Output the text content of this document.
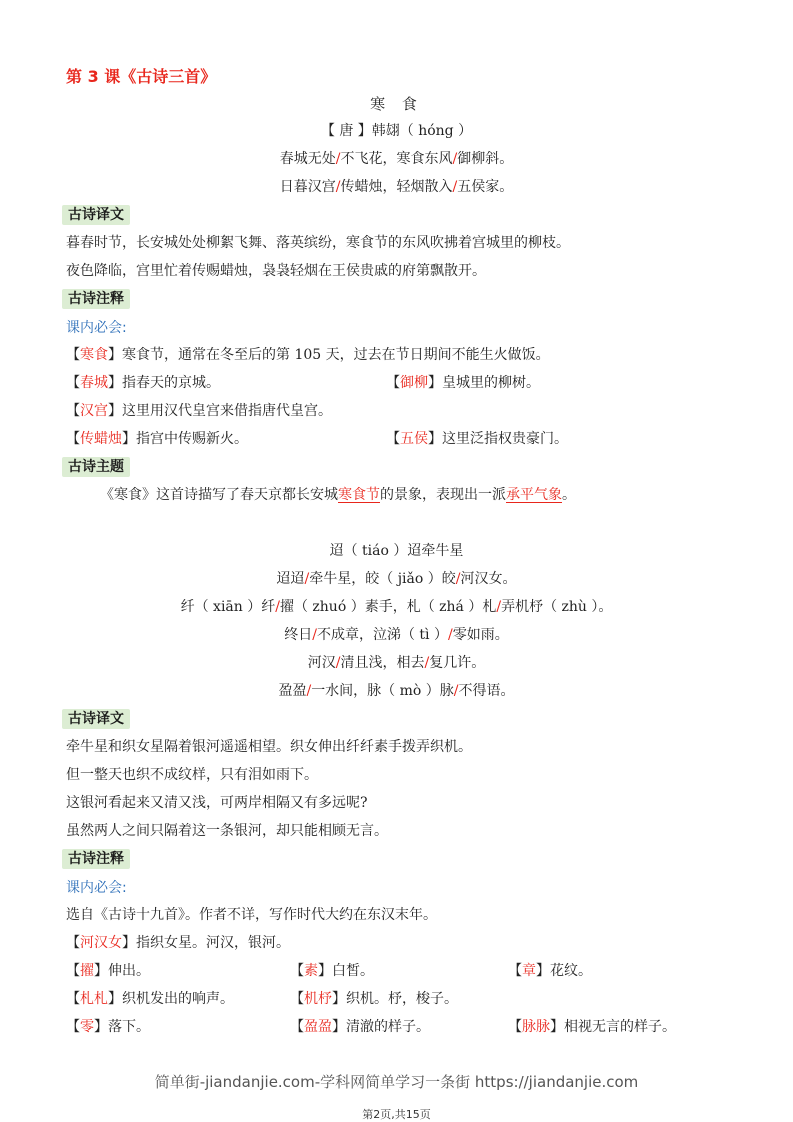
第 3 课《古诗三首》
寒 食
【 唐 】韩翃（ hóng ）
春城无处/不飞花，寒食东风/御柳斜。
日暮汉宫/传蜡烛，轻烟散入/五侯家。
古诗译文
暮春时节，长安城处处柳絮飞舞、落英缤纷，寒食节的东风吹拂着宫城里的柳枝。
夜色降临，宫里忙着传赐蜡烛，袅袅轻烟在王侯贵戚的府第飘散开。
古诗注释
课内必会:
【寒食】寒食节，通常在冬至后的第 105 天，过去在节日期间不能生火做饭。
【春城】指春天的京城。	【御柳】皇城里的柳树。
【汉宫】这里用汉代皇宫来借指唐代皇宫。
【传蜡烛】指宫中传赐新火。	【五侯】这里泛指权贵豪门。
古诗主题
《寒食》这首诗描写了春天京都长安城寒食节的景象，表现出一派承平气象。
迢（ tiáo ）迢牵牛星
迢迢/牵牛星，皎（ jiǎo ）皎/河汉女。
纤（ xiān ）纤/擢（ zhuó ）素手，札（ zhá ）札/弄机杼（ zhù ）。
终日/不成章，泣涕（ tì ）/零如雨。
河汉/清且浅，相去/复几许。
盈盈/一水间，脉（ mò ）脉/不得语。
古诗译文
牵牛星和织女星隔着银河遥遥相望。织女伸出纤纤素手拨弄织机。
但一整天也织不成纹样，只有泪如雨下。
这银河看起来又清又浅，可两岸相隔又有多远呢?
虽然两人之间只隔着这一条银河，却只能相顾无言。
古诗注释
课内必会:
选自《古诗十九首》。作者不详，写作时代大约在东汉末年。
【河汉女】指织女星。河汉，银河。
【擢】伸出。	【素】白皙。	【章】花纹。
【札札】织机发出的响声。	【机杼】织机。杼，梭子。
【零】落下。	【盈盈】清澈的样子。	【脉脉】相视无言的样子。
简单街-jiandanjie.com-学科网简单学习一条街 https://jiandanjie.com
第2页,共15页
